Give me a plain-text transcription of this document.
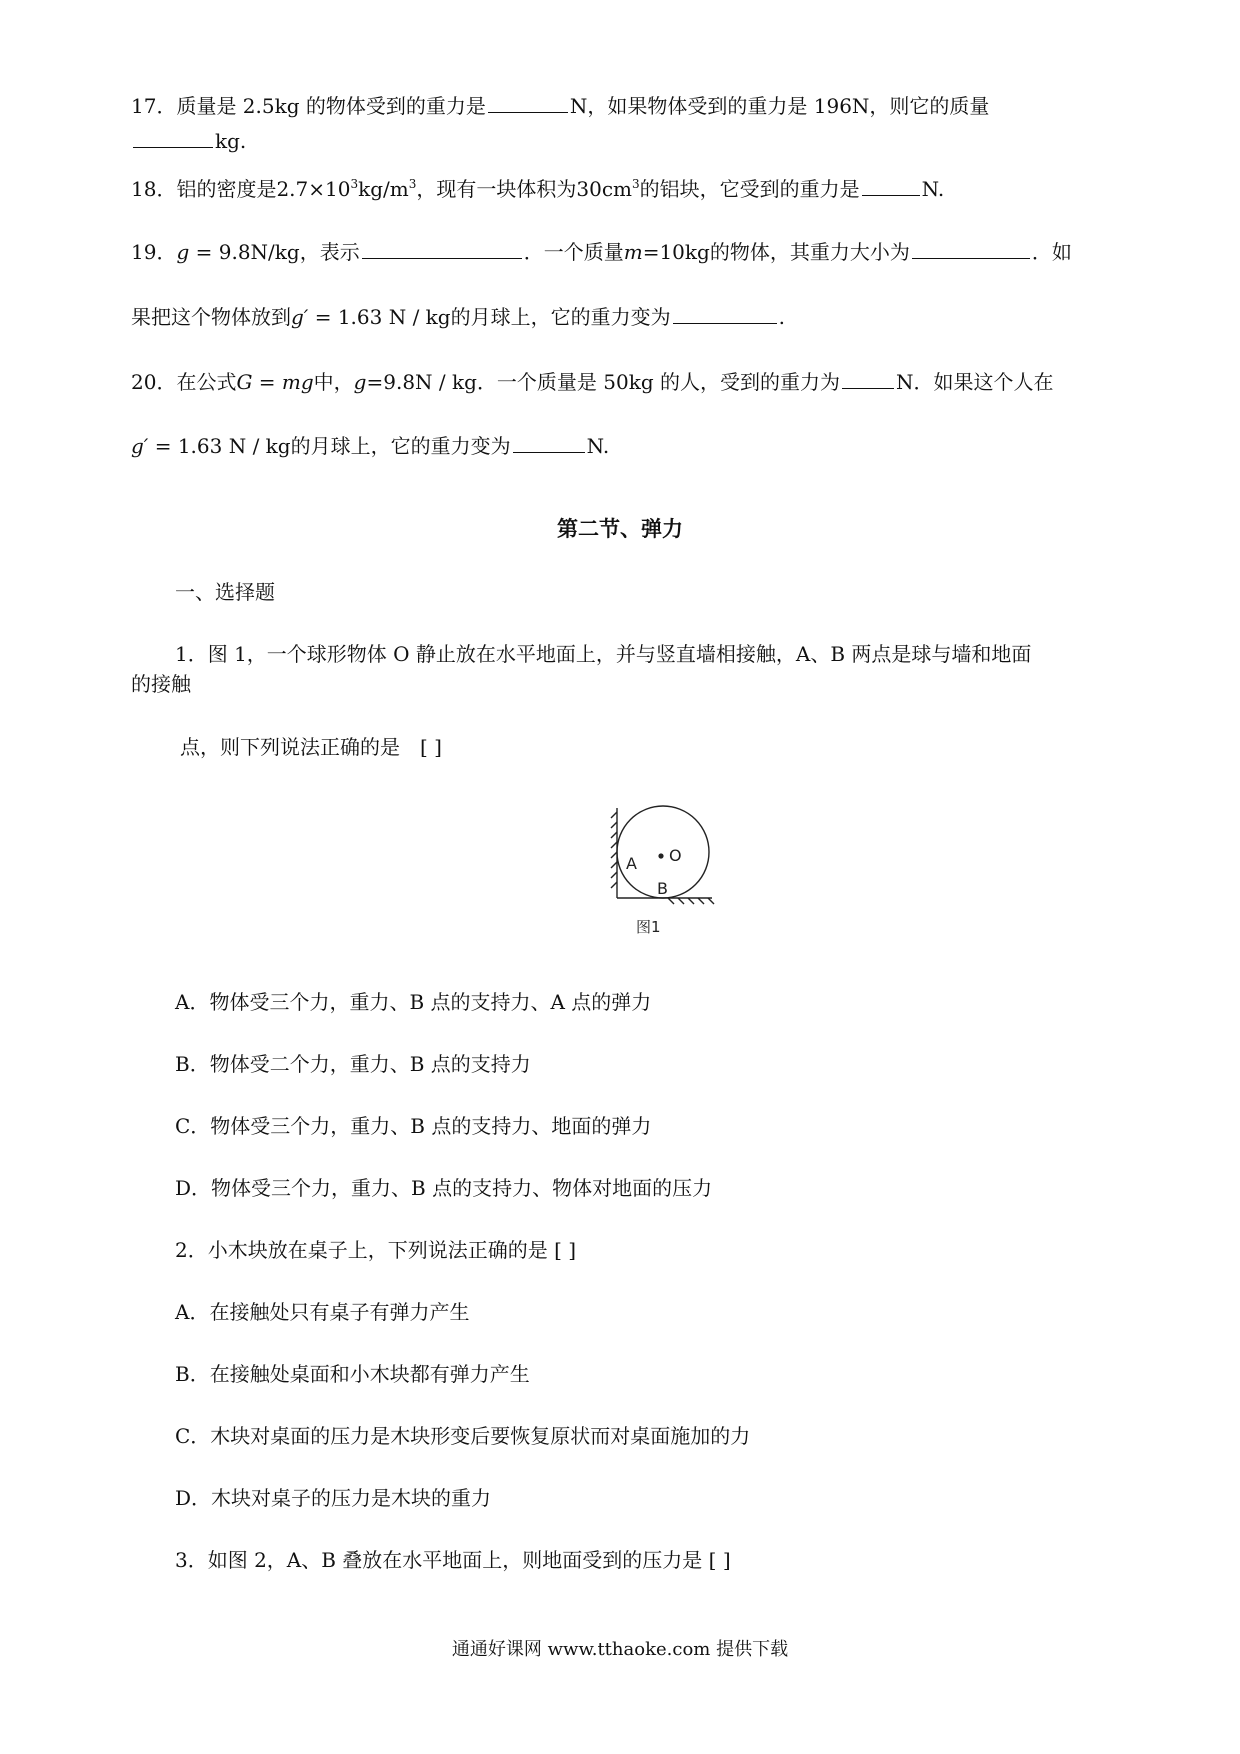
17．质量是 2.5kg 的物体受到的重力是	N，如果物体受到的重力是 196N，则它的质量
kg.
18．铝的密度是$2.7\times 10^3kg/m^3$，现有一块体积为$30cm^3$的铝块，它受到的重力是	N.
19．g = 9.8N/kg，表示	．一个质量m=10kg的物体，其重力大小为	．如
果把这个物体放到g′ = 1.63 N / kg的月球上，它的重力变为	.
20．在公式G = mg中，g=9.8N / kg．一个质量是 50kg 的人，受到的重力为	N．如果这个人在
g′ = 1.63 N / kg的月球上，它的重力变为	N.
第二节、弹力
一、选择题
1．图 1，一个球形物体 O 静止放在水平地面上，并与竖直墙相接触，A、B 两点是球与墙和地面
的接触
点，则下列说法正确的是　[ ]
A O
B
图1
A．物体受三个力，重力、B 点的支持力、A 点的弹力
B．物体受二个力，重力、B 点的支持力
C．物体受三个力，重力、B 点的支持力、地面的弹力
D．物体受三个力，重力、B 点的支持力、物体对地面的压力
2．小木块放在桌子上，下列说法正确的是 [ ]
A．在接触处只有桌子有弹力产生
B．在接触处桌面和小木块都有弹力产生
C．木块对桌面的压力是木块形变后要恢复原状而对桌面施加的力
D．木块对桌子的压力是木块的重力
3．如图 2，A、B 叠放在水平地面上，则地面受到的压力是 [ ]
通通好课网 www.tthaoke.com 提供下载
